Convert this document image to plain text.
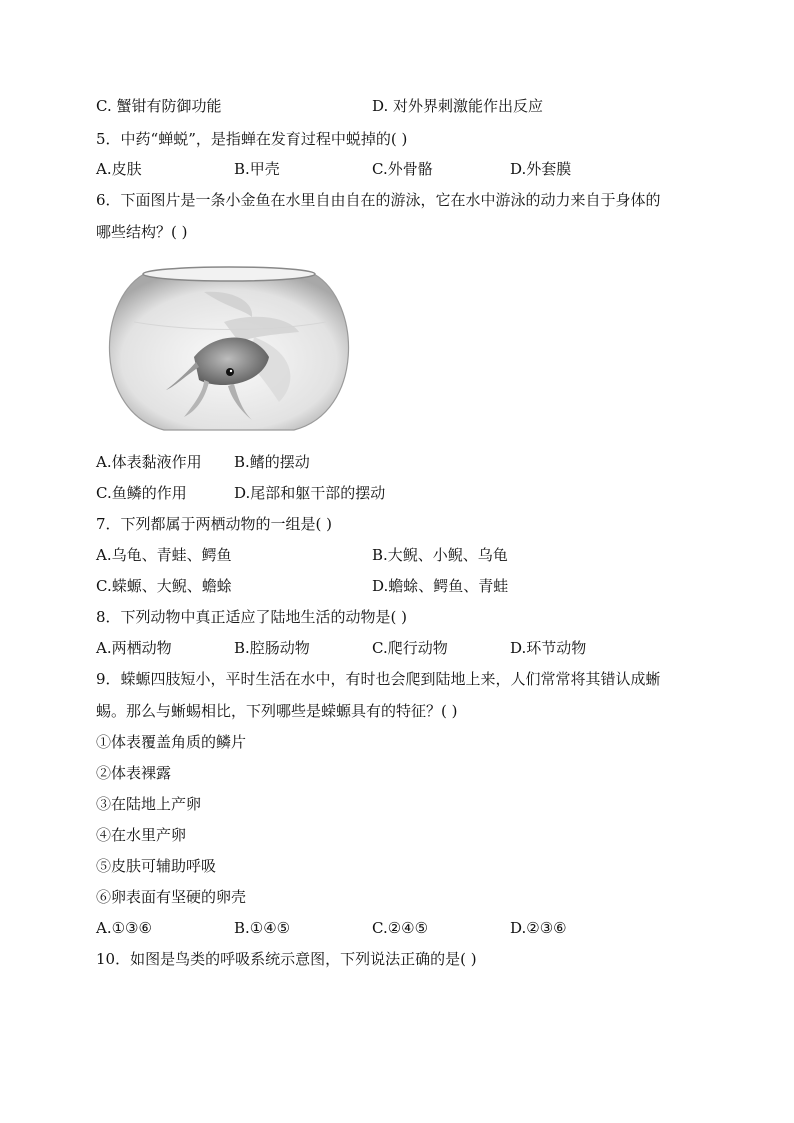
C. 蟹钳有防御功能	D. 对外界刺激能作出反应
5．中药“蝉蜕”，是指蝉在发育过程中蜕掉的( )
A.皮肤	B.甲壳	C.外骨骼	D.外套膜
6．下面图片是一条小金鱼在水里自由自在的游泳，它在水中游泳的动力来自于身体的
哪些结构？( )
A.体表黏液作用 B.鳍的摆动
C.鱼鳞的作用	D.尾部和躯干部的摆动
7．下列都属于两栖动物的一组是( )
A.乌龟、青蛙、鳄鱼	B.大鲵、小鲵、乌龟
C.蝾螈、大鲵、蟾蜍	D.蟾蜍、鳄鱼、青蛙
8．下列动物中真正适应了陆地生活的动物是( )
A.两栖动物	B.腔肠动物	C.爬行动物	D.环节动物
9．蝾螈四肢短小，平时生活在水中，有时也会爬到陆地上来，人们常常将其错认成蜥
蜴。那么与蜥蜴相比，下列哪些是蝾螈具有的特征？( )
①体表覆盖角质的鳞片
②体表裸露
③在陆地上产卵
④在水里产卵
⑤皮肤可辅助呼吸
⑥卵表面有坚硬的卵壳
A.①③⑥	B.①④⑤	C.②④⑤	D.②③⑥
10．如图是鸟类的呼吸系统示意图，下列说法正确的是( )
